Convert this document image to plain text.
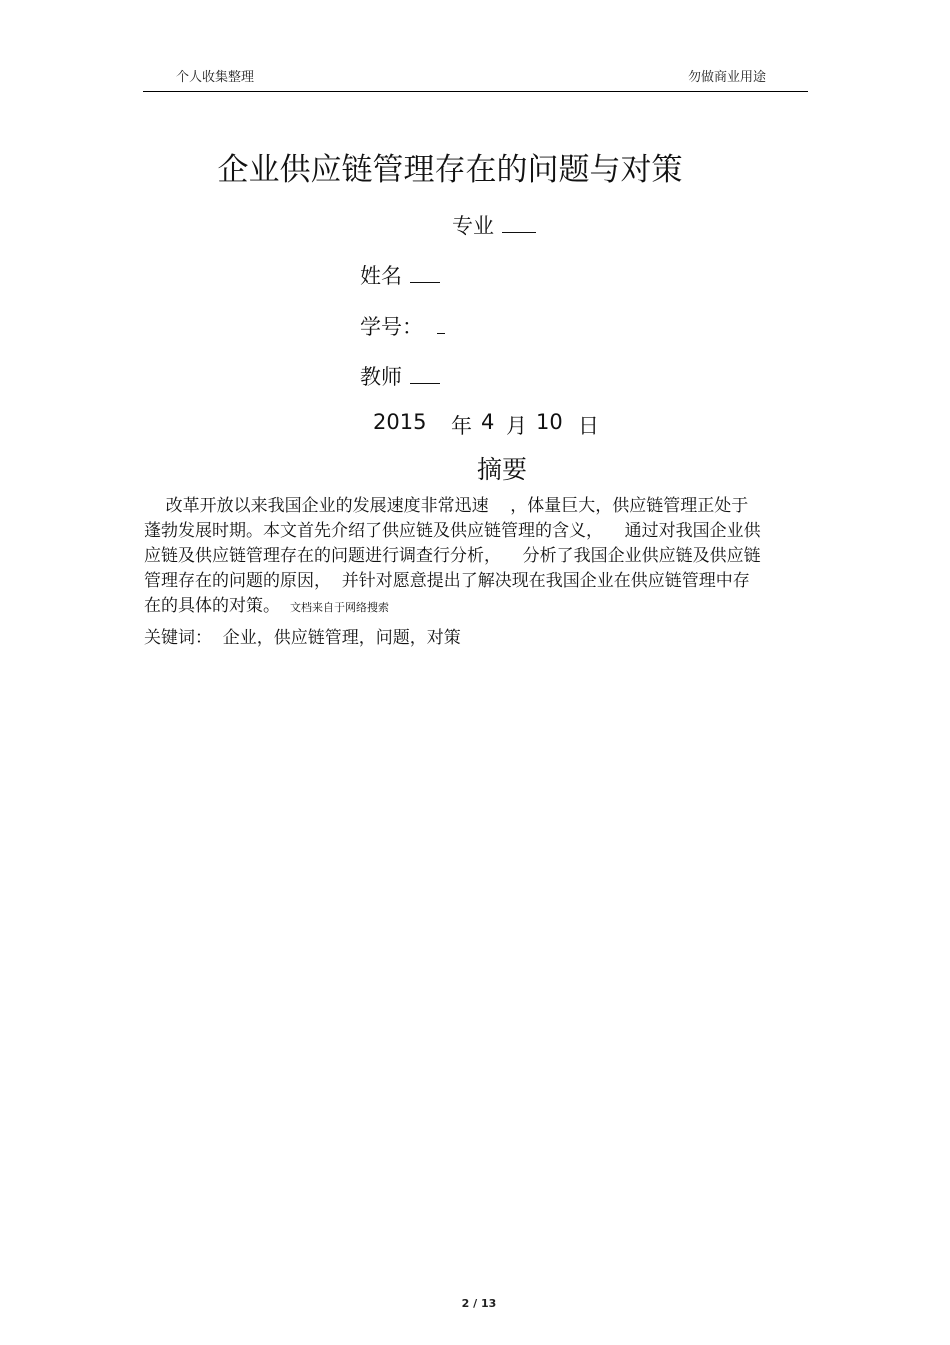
个人收集整理	勿做商业用途
企业供应链管理存在的问题与对策
专业
姓名
学号：
教师
2015 年 4 月 10 日
摘要
改革开放以来我国企业的发展速度非常迅速    ，体量巨大，供应链管理正处于
蓬勃发展时期。本文首先介绍了供应链及供应链管理的含义，    通过对我国企业供
应链及供应链管理存在的问题进行调查行分析，    分析了我国企业供应链及供应链
管理存在的问题的原因，  并针对愿意提出了解决现在我国企业在供应链管理中存
在的具体的对策。 文档来自于网络搜索
关键词：  企业，供应链管理，问题，对策
2 / 13
